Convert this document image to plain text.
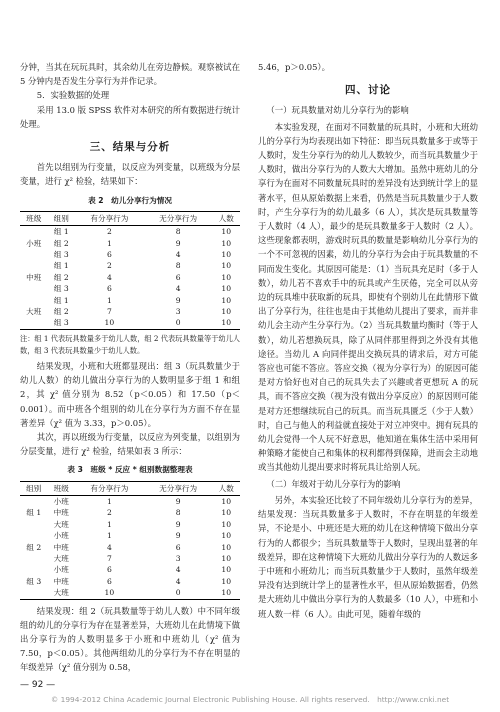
分钟，当其在玩玩具时，其余幼儿在旁边静候。观察被试在 5 分钟内是否发生分享行为并作记录。

5．实验数据的处理

采用 13.0 版 SPSS 软件对本研究的所有数据进行统计处理。

三、结果与分析

首先以组别为行变量，以反应为列变量，以班级为分层变量，进行 χ² 检验，结果如下：

表 2　幼儿分享行为情况
班级	组别	有分享行为	无分享行为	人数
	组 1	2	8	10
小班	组 2	1	9	10
	组 3	6	4	10
	组 1	2	8	10
中班	组 2	4	6	10
	组 3	6	4	10
	组 1	1	9	10
大班	组 2	7	3	10
	组 3	10	0	10
注：组 1 代表玩具数量多于幼儿人数，组 2 代表玩具数量等于幼儿人数，组 3 代表玩具数量少于幼儿人数。

结果发现，小班和大班都显现出：组 3（玩具数量少于幼儿人数）的幼儿做出分享行为的人数明显多于组 1 和组 2，其 χ² 值分别为 8.52（p＜0.05）和 17.50（p＜0.001）。而中班各个组别的幼儿在分享行为方面不存在显著差异（χ² 值为 3.33，p＞0.05）。

其次，再以班级为行变量，以反应为列变量，以组别为分层变量，进行 χ² 检验，结果如表 3 所示：

表 3　班级 * 反应 * 组别数据整理表
组别	班级	有分享行为	无分享行为	人数
	小班	1	9	10
组 1	中班	2	8	10
	大班	1	9	10
	小班	1	9	10
组 2	中班	4	6	10
	大班	7	3	10
	小班	6	4	10
组 3	中班	6	4	10
	大班	10	0	10

结果发现：组 2（玩具数量等于幼儿人数）中不同年级组的幼儿的分享行为存在显著差异，大班幼儿在此情境下做出分享行为的人数明显多于小班和中班幼儿（χ² 值为 7.50，p＜0.05）。其他两组幼儿的分享行为不存在明显的年级差异（χ² 值分别为 0.58，

5.46，p＞0.05）。

四、讨论
（一）玩具数量对幼儿分享行为的影响

本实验发现，在面对不同数量的玩具时，小班和大班幼儿的分享行为均表现出如下特征：即当玩具数量多于或等于人数时，发生分享行为的幼儿人数较少，而当玩具数量少于人数时，做出分享行为的人数大大增加。虽然中班幼儿的分享行为在面对不同数量玩具时的差异没有达到统计学上的显著水平，但从原始数据上来看，仍然是当玩具数量少于人数时，产生分享行为的幼儿最多（6 人），其次是玩具数量等于人数时（4 人），最少的是玩具数量多于人数时（2 人）。这些现象都表明，游戏时玩具的数量是影响幼儿分享行为的一个不可忽视的因素，幼儿的分享行为会由于玩具数量的不同而发生变化。其原因可能是：（1）当玩具充足时（多于人数），幼儿若不喜欢手中的玩具或产生厌倦，完全可以从旁边的玩具堆中获取新的玩具，即使有个别幼儿在此情形下做出了分享行为，往往也是由于其他幼儿提出了要求，而并非幼儿会主动产生分享行为。（2）当玩具数量均衡时（等于人数），幼儿若想换玩具，除了从同伴那里得到之外没有其他途径。当幼儿 A 向同伴提出交换玩具的请求后，对方可能答应也可能不答应。答应交换（视为分享行为）的原因可能是对方恰好也对自己的玩具失去了兴趣或者更想玩 A 的玩具，而不答应交换（视为没有做出分享反应）的原因则可能是对方还想继续玩自己的玩具。而当玩具匮乏（少于人数）时，自己与他人的利益就直接处于对立冲突中。拥有玩具的幼儿会觉得一个人玩不好意思，他知道在集体生活中采用何种策略才能使自己和集体的权利都得到保障，进而会主动地或当其他幼儿提出要求时将玩具让给别人玩。

（二）年级对于幼儿分享行为的影响

另外，本实验还比较了不同年级幼儿分享行为的差异，结果发现：当玩具数量多于人数时，不存在明显的年级差异，不论是小、中班还是大班的幼儿在这种情境下做出分享行为的人都很少；当玩具数量等于人数时，呈现出显著的年级差异，即在这种情境下大班幼儿做出分享行为的人数远多于中班和小班幼儿；而当玩具数量少于人数时，虽然年级差异没有达到统计学上的显著性水平，但从原始数据看，仍然是大班幼儿中做出分享行为的人数最多（10 人），中班和小班人数一样（6 人）。由此可见，随着年级的

— 92 —
© 1994-2012 China Academic Journal Electronic Publishing House. All rights reserved.　http://www.cnki.net
